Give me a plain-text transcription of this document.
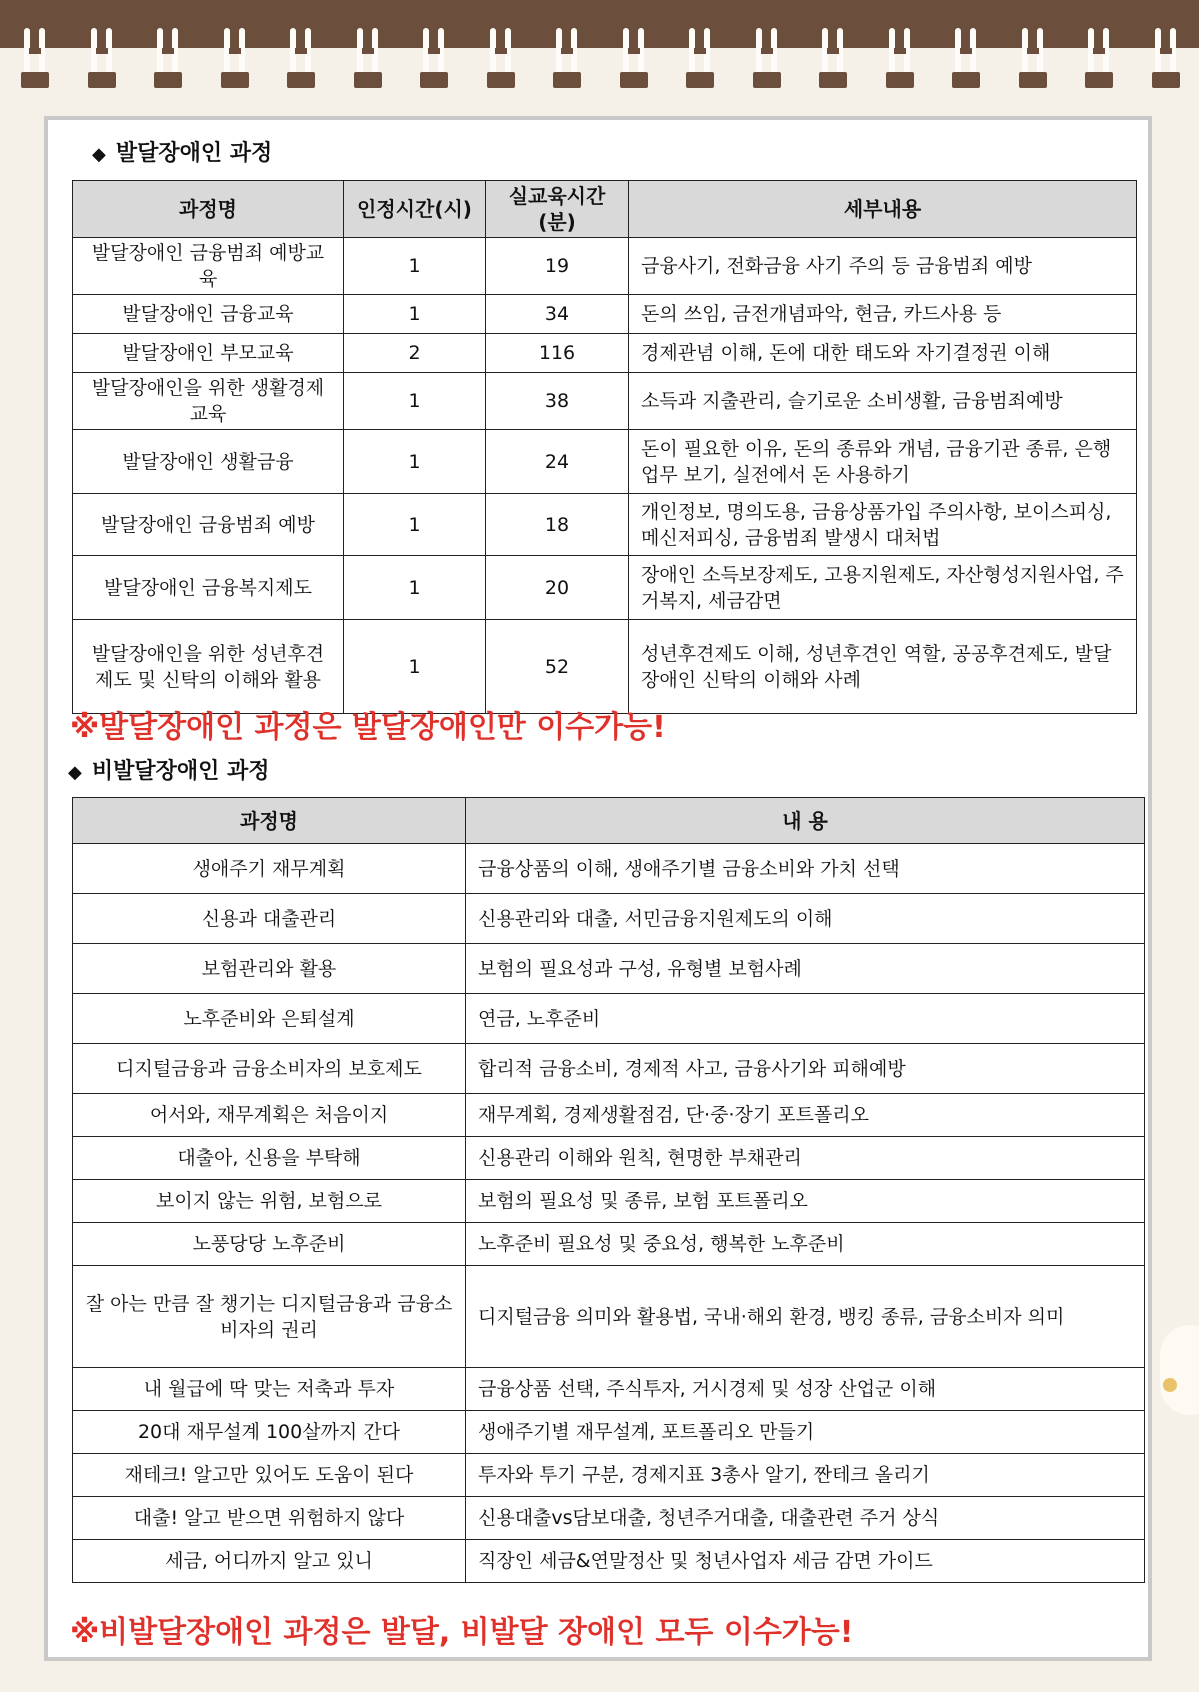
◆ 발달장애인 과정
과정명	인정시간(시)	실교육시간(분)	세부내용
발달장애인 금융범죄 예방교육	1	19	금융사기, 전화금융 사기 주의 등 금융범죄 예방
발달장애인 금융교육	1	34	돈의 쓰임, 금전개념파악, 현금, 카드사용 등
발달장애인 부모교육	2	116	경제관념 이해, 돈에 대한 태도와 자기결정권 이해
발달장애인을 위한 생활경제 교육	1	38	소득과 지출관리, 슬기로운 소비생활, 금융범죄예방
발달장애인 생활금융	1	24	돈이 필요한 이유, 돈의 종류와 개념, 금융기관 종류, 은행업무 보기, 실전에서 돈 사용하기
발달장애인 금융범죄 예방	1	18	개인정보, 명의도용, 금융상품가입 주의사항, 보이스피싱, 메신저피싱, 금융범죄 발생시 대처법
발달장애인 금융복지제도	1	20	장애인 소득보장제도, 고용지원제도, 자산형성지원사업, 주거복지, 세금감면
발달장애인을 위한 성년후견제도 및 신탁의 이해와 활용	1	52	성년후견제도 이해, 성년후견인 역할, 공공후견제도, 발달장애인 신탁의 이해와 사례
※발달장애인 과정은 발달장애인만 이수가능!
◆ 비발달장애인 과정
과정명	내 용
생애주기 재무계획	금융상품의 이해, 생애주기별 금융소비와 가치 선택
신용과 대출관리	신용관리와 대출, 서민금융지원제도의 이해
보험관리와 활용	보험의 필요성과 구성, 유형별 보험사례
노후준비와 은퇴설계	연금, 노후준비
디지털금융과 금융소비자의 보호제도	합리적 금융소비, 경제적 사고, 금융사기와 피해예방
어서와, 재무계획은 처음이지	재무계획, 경제생활점검, 단·중·장기 포트폴리오
대출아, 신용을 부탁해	신용관리 이해와 원칙, 현명한 부채관리
보이지 않는 위험, 보험으로	보험의 필요성 및 종류, 보험 포트폴리오
노풍당당 노후준비	노후준비 필요성 및 중요성, 행복한 노후준비
잘 아는 만큼 잘 챙기는 디지털금융과 금융소비자의 권리	디지털금융 의미와 활용법, 국내·해외 환경, 뱅킹 종류, 금융소비자 의미
내 월급에 딱 맞는 저축과 투자	금융상품 선택, 주식투자, 거시경제 및 성장 산업군 이해
20대 재무설계 100살까지 간다	생애주기별 재무설계, 포트폴리오 만들기
재테크! 알고만 있어도 도움이 된다	투자와 투기 구분, 경제지표 3총사 알기, 짠테크 올리기
대출! 알고 받으면 위험하지 않다	신용대출vs담보대출, 청년주거대출, 대출관련 주거 상식
세금, 어디까지 알고 있니	직장인 세금&연말정산 및 청년사업자 세금 감면 가이드
※비발달장애인 과정은 발달, 비발달 장애인 모두 이수가능!
